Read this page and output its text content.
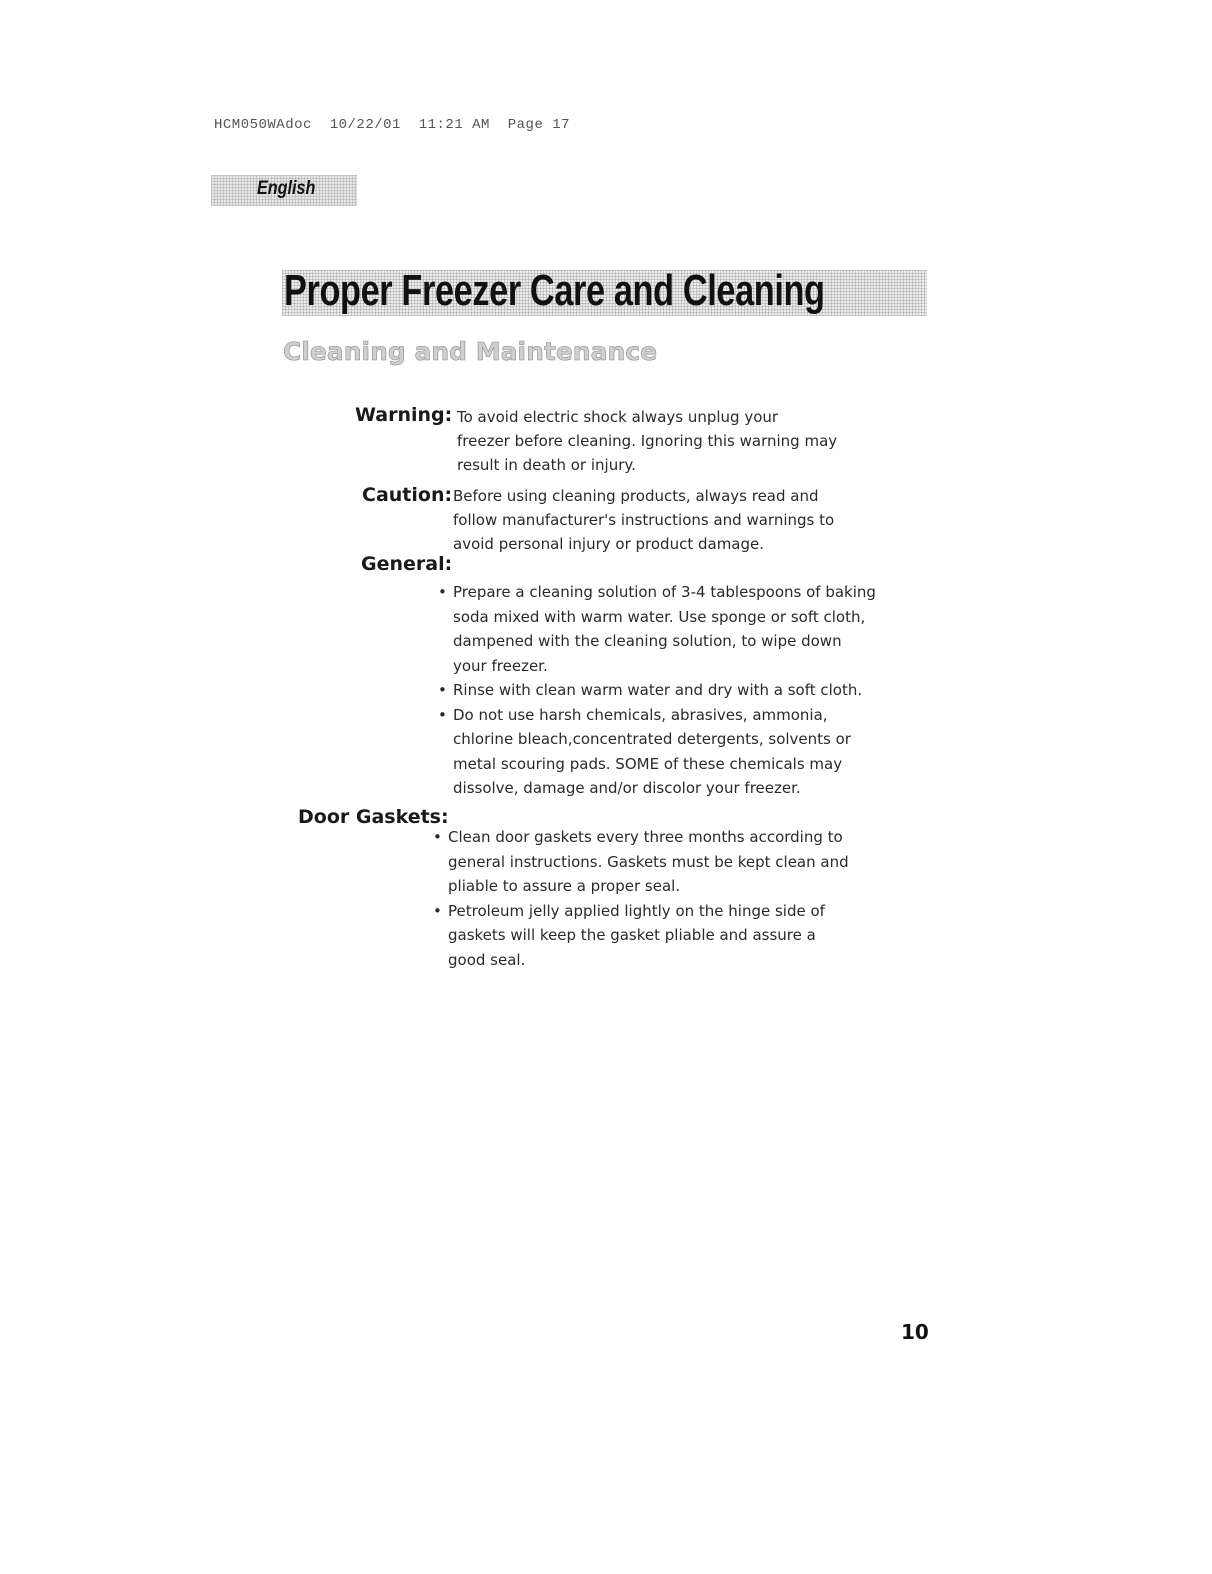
HCM050WAdoc  10/22/01  11:21 AM  Page 17
English
Proper Freezer Care and Cleaning
Cleaning and Maintenance
Warning: To avoid electric shock always unplug your
freezer before cleaning. Ignoring this warning may
result in death or injury.
Caution: Before using cleaning products, always read and
follow manufacturer's instructions and warnings to
avoid personal injury or product damage.
General:
• Prepare a cleaning solution of 3-4 tablespoons of baking soda mixed with warm water. Use sponge or soft cloth, dampened with the cleaning solution, to wipe down your freezer.
• Rinse with clean warm water and dry with a soft cloth.
• Do not use harsh chemicals, abrasives, ammonia, chlorine bleach,concentrated detergents, solvents or metal scouring pads. SOME of these chemicals may dissolve, damage and/or discolor your freezer.
Door Gaskets:
• Clean door gaskets every three months according to general instructions. Gaskets must be kept clean and pliable to assure a proper seal.
• Petroleum jelly applied lightly on the hinge side of gaskets will keep the gasket pliable and assure a good seal.
10
